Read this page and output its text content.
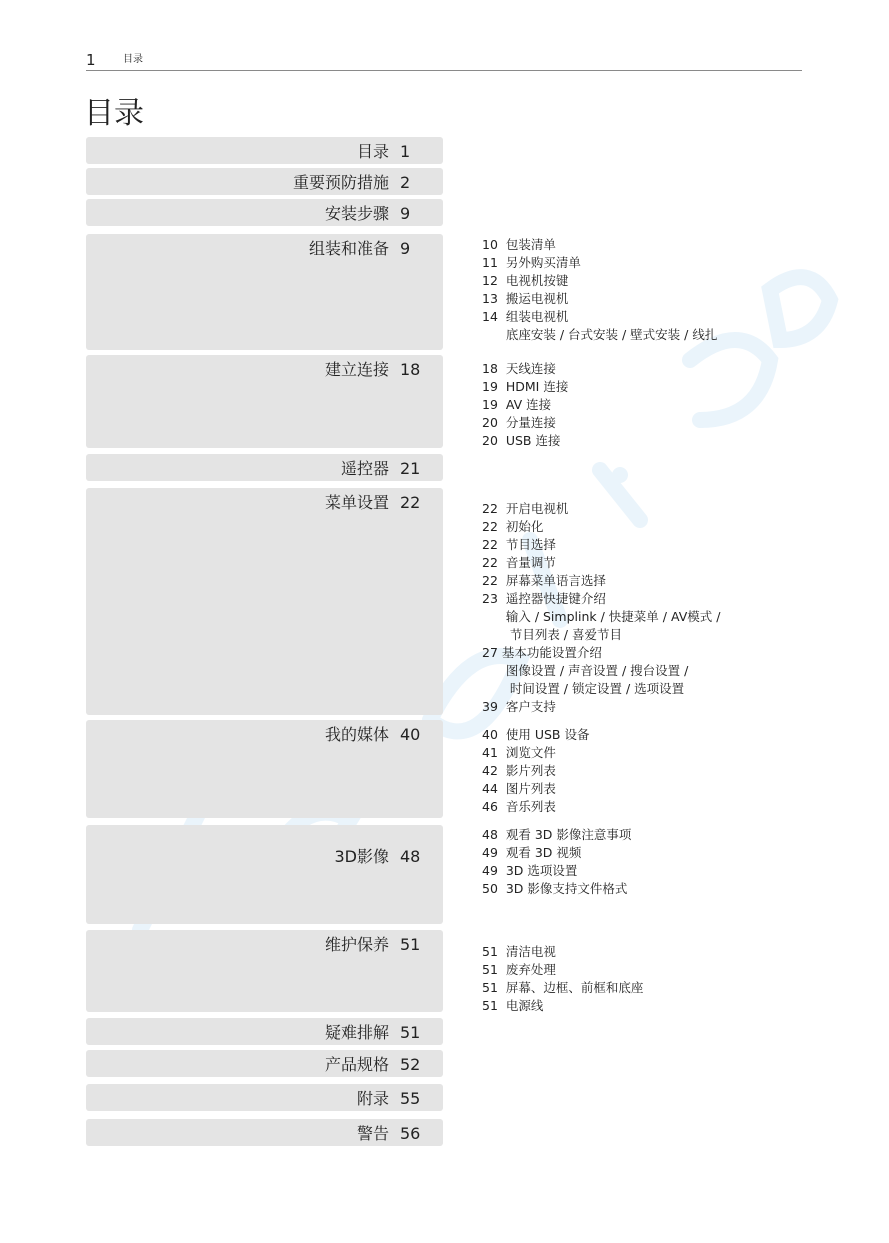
1	目录
目录
目录 1
重要预防措施 2
安装步骤 9
组装和准备 9	10  包装清单
11  另外购买清单
12  电视机按键
13  搬运电视机
14  组装电视机
底座安装 / 台式安装 / 壁式安装 / 线扎
建立连接 18	18  天线连接
19  HDMI 连接
19  AV 连接
20  分量连接
20  USB 连接
遥控器 21
菜单设置 22	22  开启电视机
22  初始化
22  节目选择
22  音量调节
22  屏幕菜单语言选择
23  遥控器快捷键介绍
输入 / Simplink / 快捷菜单 / AV模式 /
节目列表 / 喜爱节目
27 基本功能设置介绍
图像设置 / 声音设置 / 搜台设置 /
时间设置 / 锁定设置 / 选项设置
39  客户支持
我的媒体 40	40  使用 USB 设备
41  浏览文件
42  影片列表
44  图片列表
46  音乐列表
3D影像 48
48  观看 3D 影像注意事项
49  观看 3D 视频
49  3D 选项设置
50  3D 影像支持文件格式
维护保养 51	51  清洁电视
51  废弃处理
51  屏幕、边框、前框和底座
51  电源线
疑难排解 51
产品规格 52
附录 55
警告 56
